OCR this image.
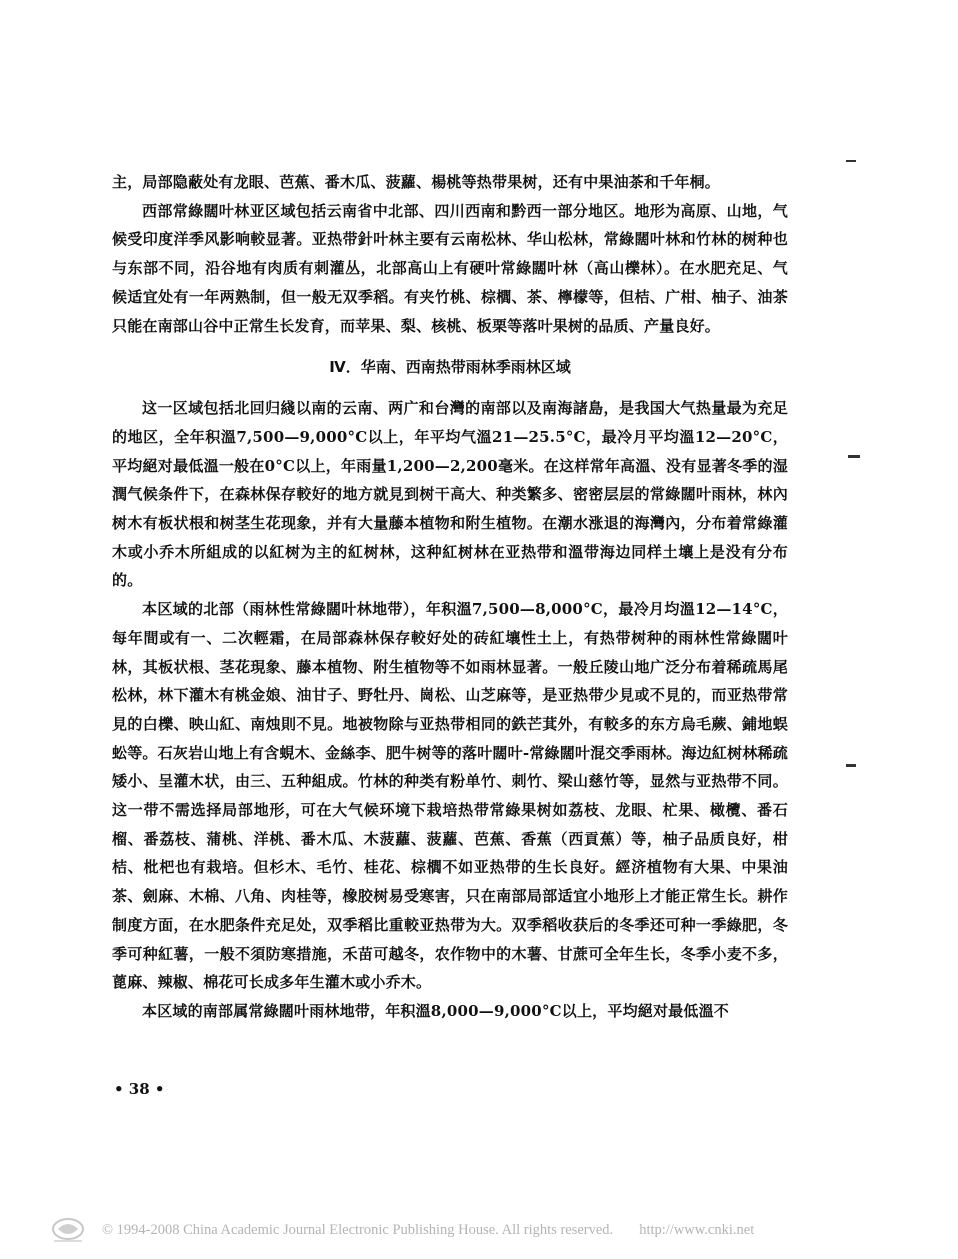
主，局部隐蔽处有龙眼、芭蕉、番木瓜、菠蘿、楊桃等热带果树，还有中果油茶和千年桐。

西部常綠闊叶林亚区域包括云南省中北部、四川西南和黔西一部分地区。地形为高原、山地，气候受印度洋季风影响較显著。亚热带針叶林主要有云南松林、华山松林，常綠闊叶林和竹林的树种也与东部不同，沿谷地有肉质有刺灌丛，北部高山上有硬叶常綠闊叶林（高山櫟林）。在水肥充足、气候适宜处有一年两熟制，但一般无双季稻。有夹竹桃、棕櫚、茶、檸檬等，但桔、广柑、柚子、油茶只能在南部山谷中正常生长发育，而苹果、梨、核桃、板栗等落叶果树的品质、产量良好。

Ⅳ．华南、西南热带雨林季雨林区域

这一区域包括北回归綫以南的云南、两广和台灣的南部以及南海諸島，是我国大气热量最为充足的地区，全年积溫7,500—9,000°C以上，年平均气溫21—25.5°C，最冷月平均溫12—20°C，平均絕对最低溫一般在0°C以上，年雨量1,200—2,200毫米。在这样常年高溫、没有显著冬季的湿潤气候条件下，在森林保存較好的地方就見到树干高大、种类繁多、密密层层的常綠闊叶雨林，林內树木有板状根和树茎生花现象，并有大量藤本植物和附生植物。在潮水涨退的海灣內，分布着常綠灌木或小乔木所組成的以紅树为主的紅树林，这种紅树林在亚热带和溫带海边同样土壤上是没有分布的。

本区域的北部（雨林性常綠闊叶林地带），年积溫7,500—8,000°C，最冷月均溫12—14°C，每年間或有一、二次輕霜，在局部森林保存較好处的砖紅壤性土上，有热带树种的雨林性常綠闊叶林，其板状根、茎花現象、藤本植物、附生植物等不如雨林显著。一般丘陵山地广泛分布着稀疏馬尾松林，林下灌木有桃金娘、油甘子、野牡丹、崗松、山芝麻等，是亚热带少見或不見的，而亚热带常見的白櫟、映山紅、南烛則不見。地被物除与亚热带相同的鉄芒萁外，有較多的东方烏毛蕨、鋪地蜈蚣等。石灰岩山地上有含蜆木、金絲李、肥牛树等的落叶闊叶-常綠闊叶混交季雨林。海边紅树林稀疏矮小、呈灌木状，由三、五种組成。竹林的种类有粉单竹、刺竹、梁山慈竹等，显然与亚热带不同。这一带不需选择局部地形，可在大气候环境下栽培热带常綠果树如荔枝、龙眼、杧果、橄欖、番石榴、番荔枝、蒲桃、洋桃、番木瓜、木菠蘿、菠蘿、芭蕉、香蕉（西貢蕉）等，柚子品质良好，柑桔、枇杷也有栽培。但杉木、毛竹、桂花、棕櫚不如亚热带的生长良好。經济植物有大果、中果油茶、劍麻、木棉、八角、肉桂等，橡胶树易受寒害，只在南部局部适宜小地形上才能正常生长。耕作制度方面，在水肥条件充足处，双季稻比重較亚热带为大。双季稻收获后的冬季还可种一季綠肥，冬季可种紅薯，一般不須防寒措施，禾苗可越冬，农作物中的木薯、甘蔗可全年生长，冬季小麦不多，蓖麻、辣椒、棉花可长成多年生灌木或小乔木。

本区域的南部属常綠闊叶雨林地带，年积溫8,000—9,000°C以上，平均絕对最低溫不

• 38 •
© 1994-2008 China Academic Journal Electronic Publishing House. All rights reserved. http://www.cnki.net
